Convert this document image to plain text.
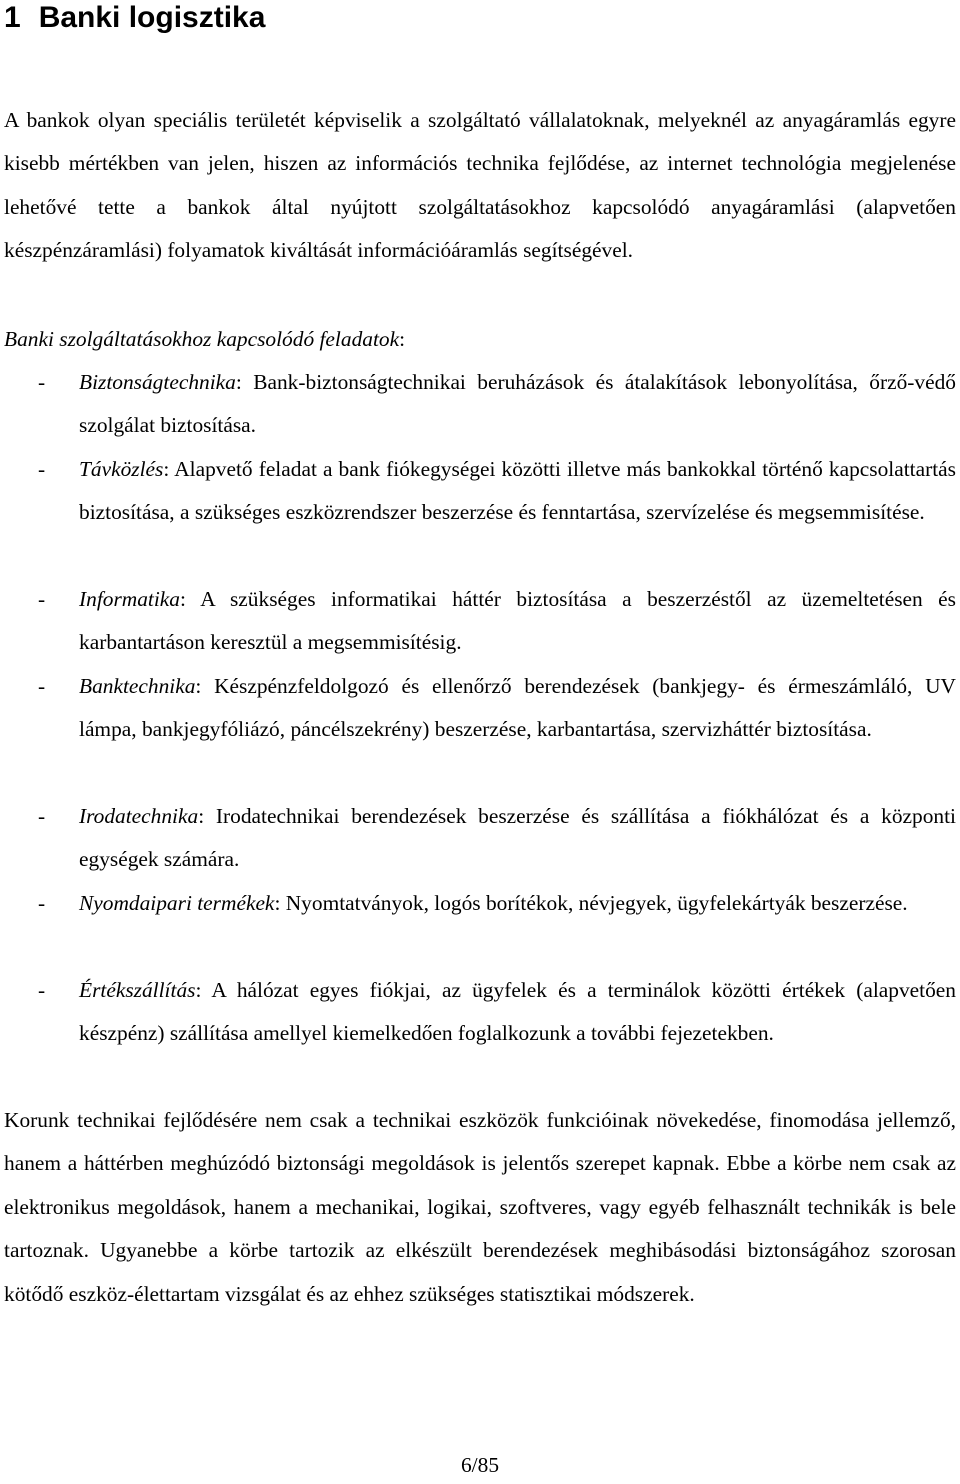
1 Banki logisztika

A bankok olyan speciális területét képviselik a szolgáltató vállalatoknak, melyeknél az anyagáramlás egyre kisebb mértékben van jelen, hiszen az információs technika fejlődése, az internet technológia megjelenése lehetővé tette a bankok által nyújtott szolgáltatásokhoz kapcsolódó anyagáramlási (alapvetően készpénzáramlási) folyamatok kiváltását információáramlás segítségével.

Banki szolgáltatásokhoz kapcsolódó feladatok:
- Biztonságtechnika: Bank-biztonságtechnikai beruházások és átalakítások lebonyolítása, őrző-védő szolgálat biztosítása.
- Távközlés: Alapvető feladat a bank fiókegységei közötti illetve más bankokkal történő kapcsolattartás biztosítása, a szükséges eszközrendszer beszerzése és fenntartása, szervízelése és megsemmisítése.
- Informatika: A szükséges informatikai háttér biztosítása a beszerzéstől az üzemeltetésen és karbantartáson keresztül a megsemmisítésig.
- Banktechnika: Készpénzfeldolgozó és ellenőrző berendezések (bankjegy- és érmeszámláló, UV lámpa, bankjegyfóliázó, páncélszekrény) beszerzése, karbantartása, szervizháttér biztosítása.
- Irodatechnika: Irodatechnikai berendezések beszerzése és szállítása a fiókhálózat és a központi egységek számára.
- Nyomdaipari termékek: Nyomtatványok, logós borítékok, névjegyek, ügyfelekártyák beszerzése.
- Értékszállítás: A hálózat egyes fiókjai, az ügyfelek és a terminálok közötti értékek (alapvetően készpénz) szállítása amellyel kiemelkedően foglalkozunk a további fejezetekben.

Korunk technikai fejlődésére nem csak a technikai eszközök funkcióinak növekedése, finomodása jellemző, hanem a háttérben meghúzódó biztonsági megoldások is jelentős szerepet kapnak. Ebbe a körbe nem csak az elektronikus megoldások, hanem a mechanikai, logikai, szoftveres, vagy egyéb felhasznált technikák is bele tartoznak. Ugyanebbe a körbe tartozik az elkészült berendezések meghibásodási biztonságához szorosan kötődő eszköz-élettartam vizsgálat és az ehhez szükséges statisztikai módszerek.

6/85
